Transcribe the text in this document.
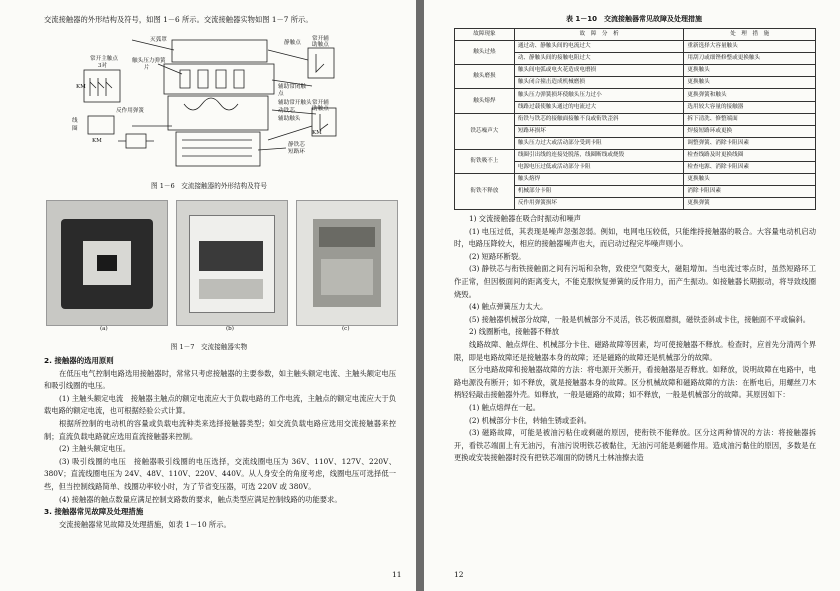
交流接触器的外形结构及符号，如图 1－6 所示。交流接触器实物如图 1－7 所示。

灭弧罩
常开主触点
3对
触头压力弹簧
片
KM
静触点
常开辅
助触点
辅助常闭触
点
辅助常开触头
动铁芯
辅助触头
常开辅
助触点
反作用弹簧
线
圈
KM
静铁芯
短路环
KM
图 1－6　交流接触器的外形结构及符号
(a)	(b)	(c)
图 1－7　交流接触器实物

2. 接触器的选用原则

在低压电气控制电路选用接触器时，常常只考虑接触器的主要参数，如主触头额定电流、主触头额定电压和吸引线圈的电压。

(1) 主触头额定电流　接触器主触点的额定电流应大于负载电路的工作电流，主触点的额定电流应大于负载电路的额定电流，也可根据经验公式计算。

根据所控制的电动机的容量或负载电流种类来选择接触器类型；如交流负载电路应选用交流接触器来控制；直流负载电路就应选用直流接触器来控制。

(2) 主触头额定电压。

(3) 吸引线圈的电压　接触器吸引线圈的电压选择，交流线圈电压为 36V、110V、127V、220V、380V；直流线圈电压为 24V、48V、110V、220V、440V。从人身安全的角度考虑，线圈电压可选择低一些，但当控制线路简单、线圈功率较小时，为了节省变压器，可选 220V 或 380V。

(4) 接触器的触点数量应满足控制支路数的要求，触点类型应满足控制线路的功能要求。

3. 接触器常见故障及处理措施

交流接触器常见故障及处理措施，如表 1－10 所示。

11
表 1－10　交流接触器常见故障及处理措施
故障现象	故　障　分　析	处　理　措　施
触头过热	通过动、静触头间的电流过大	重新选择大容量触头
	动、静触头间的接触电阻过大	用刮刀或细锉修整或更换触头
触头磨损	触头间电弧或电火花造成电磨损	更换触头
	触头闭合撞击造成机械磨损	更换触头
触头熔焊	触头压力弹簧损坏使触头压力过小	更换弹簧和触头
	线路过载使触头通过的电流过大	选用较大容量的接触器
铁芯噪声大	衔铁与铁芯的接触面接触不良或衔铁歪斜	拆下清洗、修整端面
	短路环损坏	焊接短路环或更换
	触头压力过大或活动部分受到卡阻	调整弹簧、消除卡阻因素
衔铁吸不上	线圈引出线的连接处脱落，线圈断线或烧毁	检查线路及时更换线圈
	电源电压过低或活动部分卡阻	检查电源、消除卡阻因素
衔铁不释放	触头熔焊	更换触头
	机械部分卡阻	消除卡阻因素
	反作用弹簧损坏	更换弹簧

1) 交流接触器在吸合时振动和噪声

(1) 电压过低，其表现是噪声忽强忽弱。例如，电网电压较低，只能维持接触器的吸合。大容量电动机启动时，电路压降较大，相应的接触器噪声也大，而启动过程完毕噪声则小。

(2) 短路环断裂。

(3) 静铁芯与衔铁接触面之间有污垢和杂物，致使空气隙变大，磁阻增加。当电流过零点时，虽然短路环工作正常，但因极面间的距离变大，不能克服恢复弹簧的反作用力，而产生振动。如接触器长期振动，将导致线圈烧毁。

(4) 触点弹簧压力太大。

(5) 接触器机械部分故障，一般是机械部分不灵活，铁芯极面磨损，磁铁歪斜或卡住，接触面不平或偏斜。

2) 线圈断电，接触器不释放

线路故障、触点焊住、机械部分卡住、磁路故障等因素，均可使接触器不释放。检查时，应首先分清两个界限，即是电路故障还是接触器本身的故障；还是磁路的故障还是机械部分的故障。

区分电路故障和接触器故障的方法：将电源开关断开，看接触器是否释放。如释放，说明故障在电路中，电路电源没有断开；如不释放，就是接触器本身的故障。区分机械故障和磁路故障的方法：在断电后，用螺丝刀木柄轻轻敲击接触器外壳。如释放，一般是磁路的故障；如不释放，一般是机械部分的故障。其原因如下：

(1) 触点熔焊在一起。

(2) 机械部分卡住，转轴生锈或歪斜。

(3) 磁路故障，可能是被油污粘住或剩磁的原因，使衔铁不能释放。区分这两种情况的方法：将接触器拆开，看铁芯端面上有无油污，有油污说明铁芯被黏住，无油污可能是剩磁作用。造成油污黏住的原因，多数是在更换或安装接触器时没有把铁芯端面的防锈凡士林油擦去造

12
